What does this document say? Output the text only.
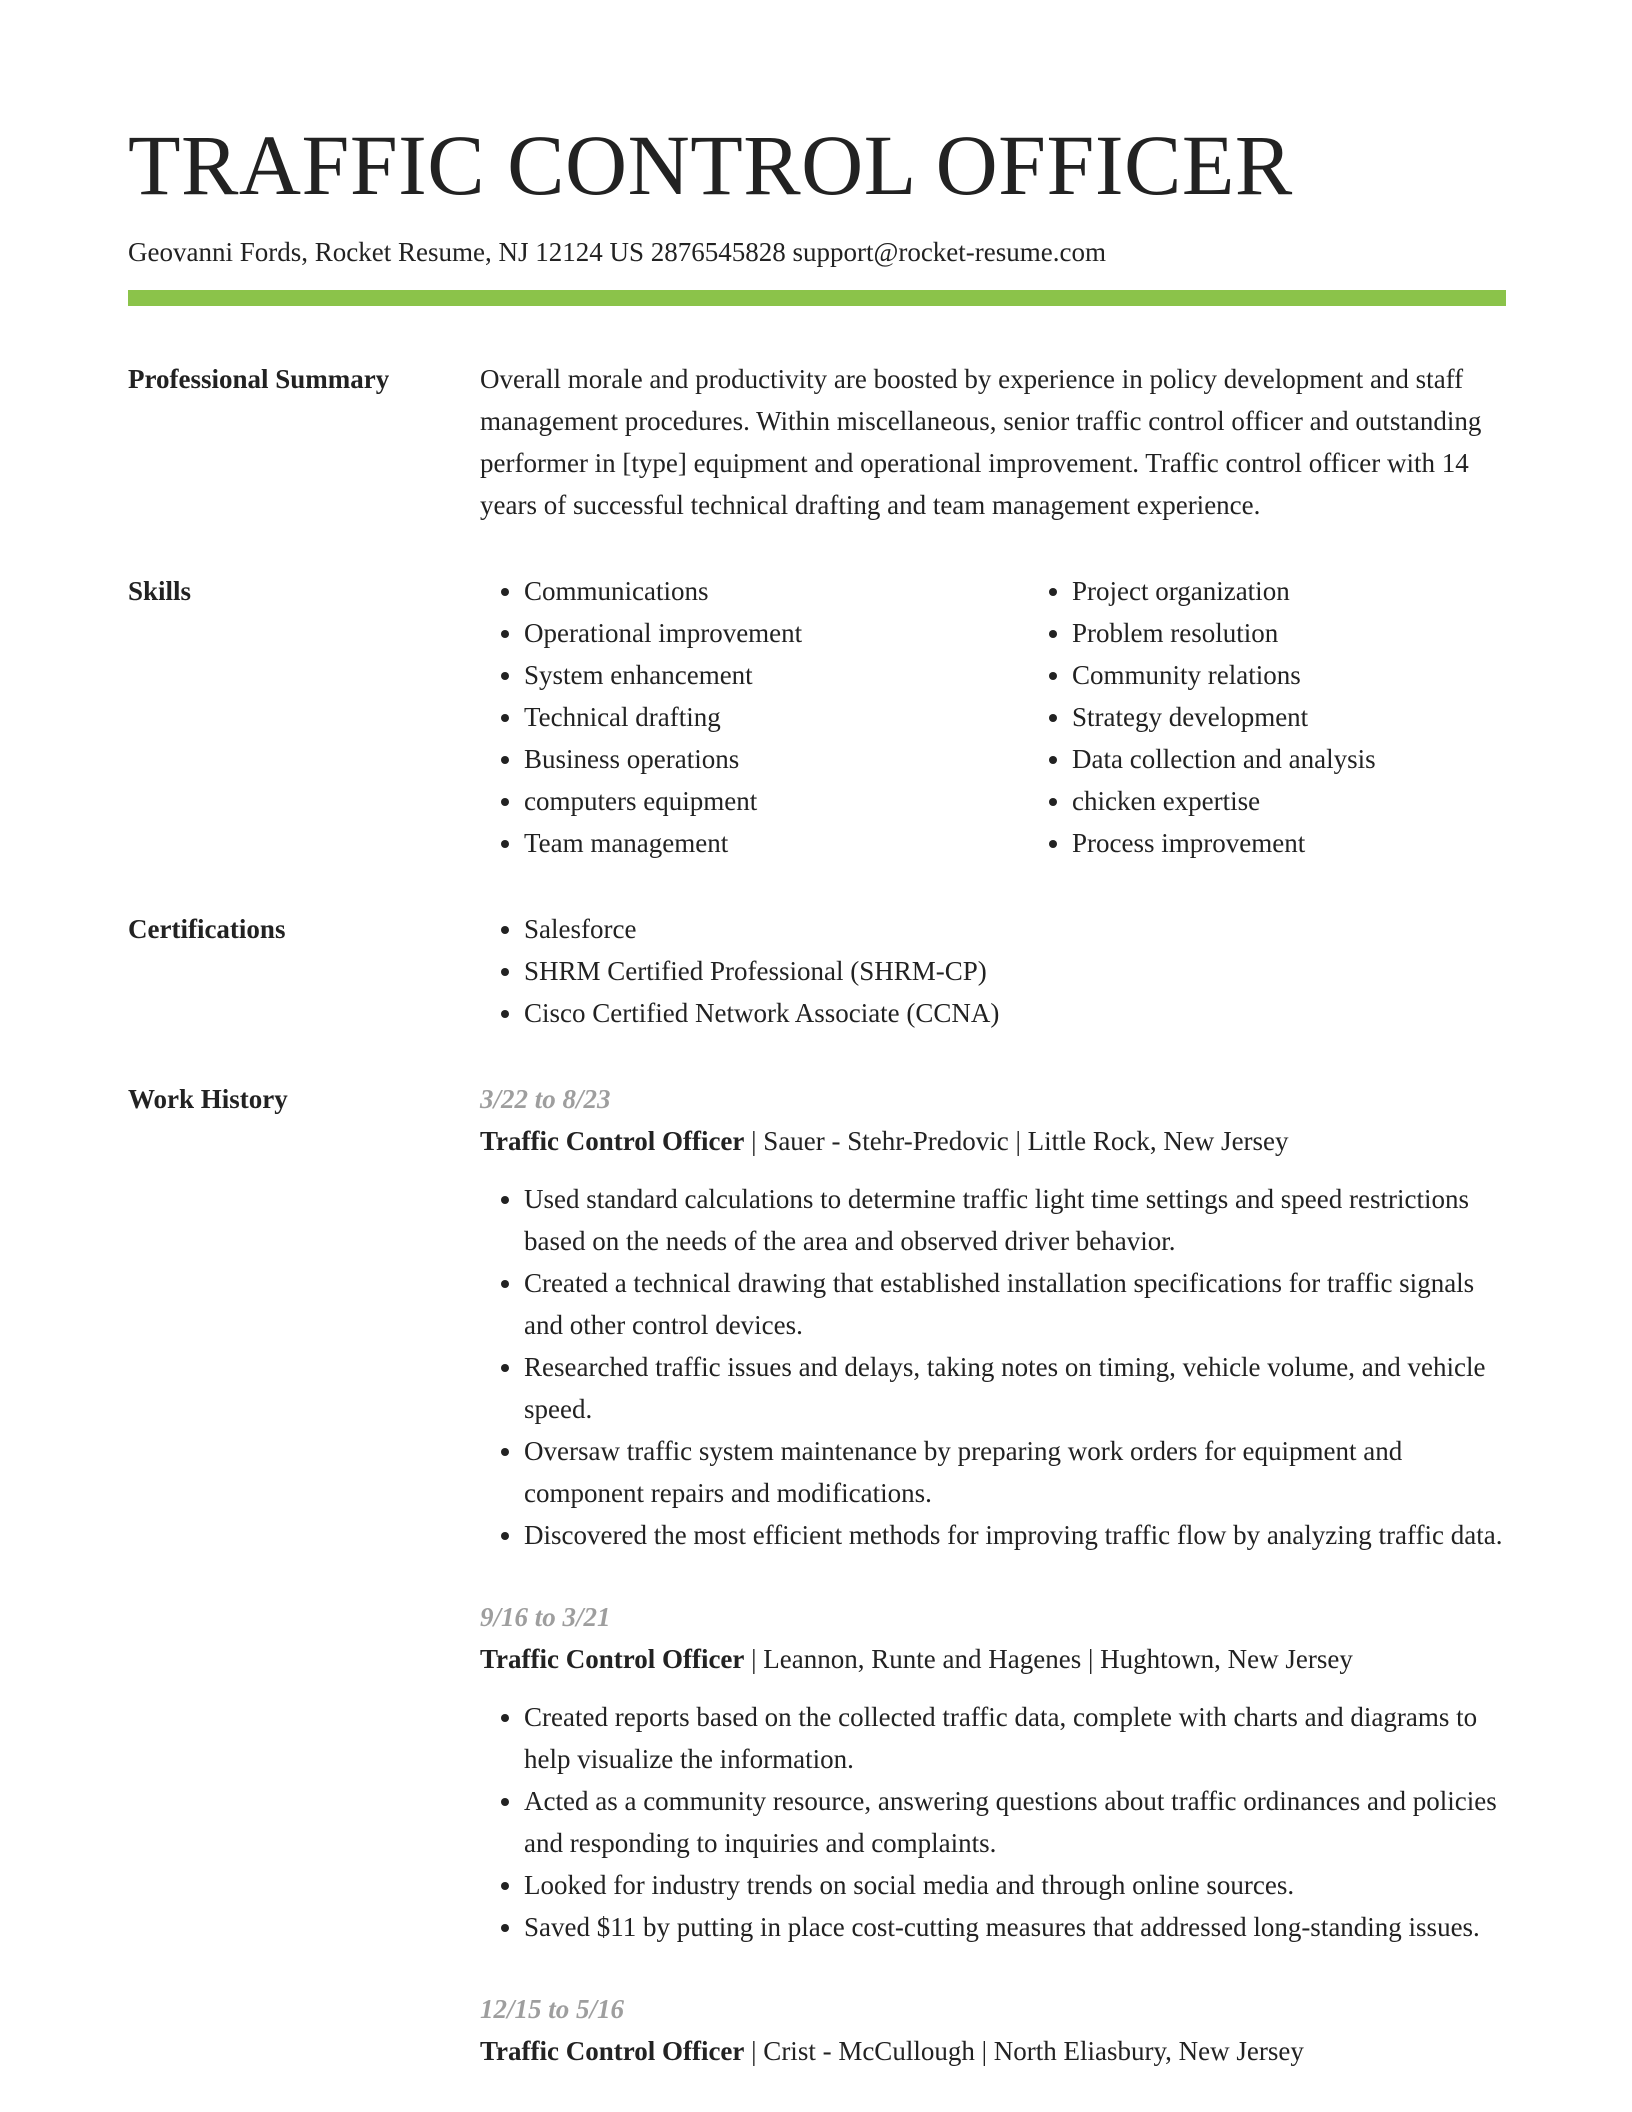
TRAFFIC CONTROL OFFICER
Geovanni Fords, Rocket Resume, NJ 12124 US 2876545828 support@rocket-resume.com
Professional Summary	Overall morale and productivity are boosted by experience in policy development and staff management procedures. Within miscellaneous, senior traffic control officer and outstanding performer in [type] equipment and operational improvement. Traffic control officer with 14 years of successful technical drafting and team management experience.

Skills	• Communications
• Operational improvement
• System enhancement
• Technical drafting
• Business operations
• computers equipment
• Team management
• Project organization
• Problem resolution
• Community relations
• Strategy development
• Data collection and analysis
• chicken expertise
• Process improvement
Certifications	• Salesforce
• SHRM Certified Professional (SHRM-CP)
• Cisco Certified Network Associate (CCNA)
Work History	3/22 to 8/23
Traffic Control Officer | Sauer - Stehr-Predovic | Little Rock, New Jersey
• Used standard calculations to determine traffic light time settings and speed restrictions based on the needs of the area and observed driver behavior.
• Created a technical drawing that established installation specifications for traffic signals and other control devices.
• Researched traffic issues and delays, taking notes on timing, vehicle volume, and vehicle speed.
• Oversaw traffic system maintenance by preparing work orders for equipment and component repairs and modifications.
• Discovered the most efficient methods for improving traffic flow by analyzing traffic data.
9/16 to 3/21
Traffic Control Officer | Leannon, Runte and Hagenes | Hughtown, New Jersey
• Created reports based on the collected traffic data, complete with charts and diagrams to help visualize the information.
• Acted as a community resource, answering questions about traffic ordinances and policies and responding to inquiries and complaints.
• Looked for industry trends on social media and through online sources.
• Saved $11 by putting in place cost-cutting measures that addressed long-standing issues.
12/15 to 5/16
Traffic Control Officer | Crist - McCullough | North Eliasbury, New Jersey
